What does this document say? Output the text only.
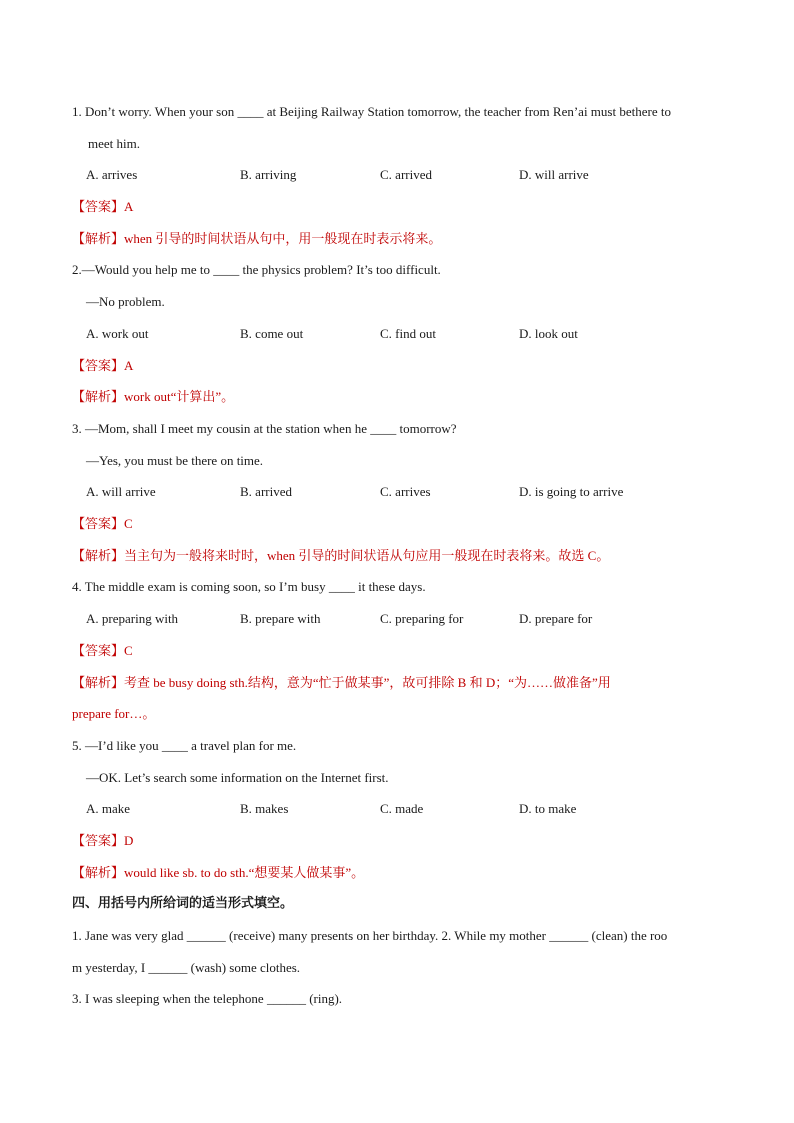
1. Don’t worry. When your son ____ at Beijing Railway Station tomorrow, the teacher from Ren’ai must bethere to
meet him.
A. arrives	B. arriving	C. arrived	D. will arrive
【答案】A
【解析】when 引导的时间状语从句中，用一般现在时表示将来。
2.—Would you help me to ____ the physics problem? It’s too difficult.
—No problem.
A. work out	B. come out	C. find out	D. look out
【答案】A
【解析】work out“计算出”。
3. —Mom, shall I meet my cousin at the station when he ____ tomorrow?
—Yes, you must be there on time.
A. will arrive	B. arrived	C. arrives	D. is going to arrive
【答案】C
【解析】当主句为一般将来时时，when 引导的时间状语从句应用一般现在时表将来。故选 C。
4. The middle exam is coming soon, so I’m busy ____ it these days.
A. preparing with	B. prepare with	C. preparing for	D. prepare for
【答案】C
【解析】考查 be busy doing sth.结构，意为“忙于做某事”，故可排除 B 和 D；“为……做准备”用
prepare for…。
5. —I’d like you ____ a travel plan for me.
—OK. Let’s search some information on the Internet first.
A. make	B. makes	C. made	D. to make
【答案】D
【解析】would like sb. to do sth.“想要某人做某事”。
四、用括号内所给词的适当形式填空。
1. Jane was very glad ______ (receive) many presents on her birthday. 2. While my mother ______ (clean) the roo
m yesterday, I ______ (wash) some clothes.
3. I was sleeping when the telephone ______ (ring).
